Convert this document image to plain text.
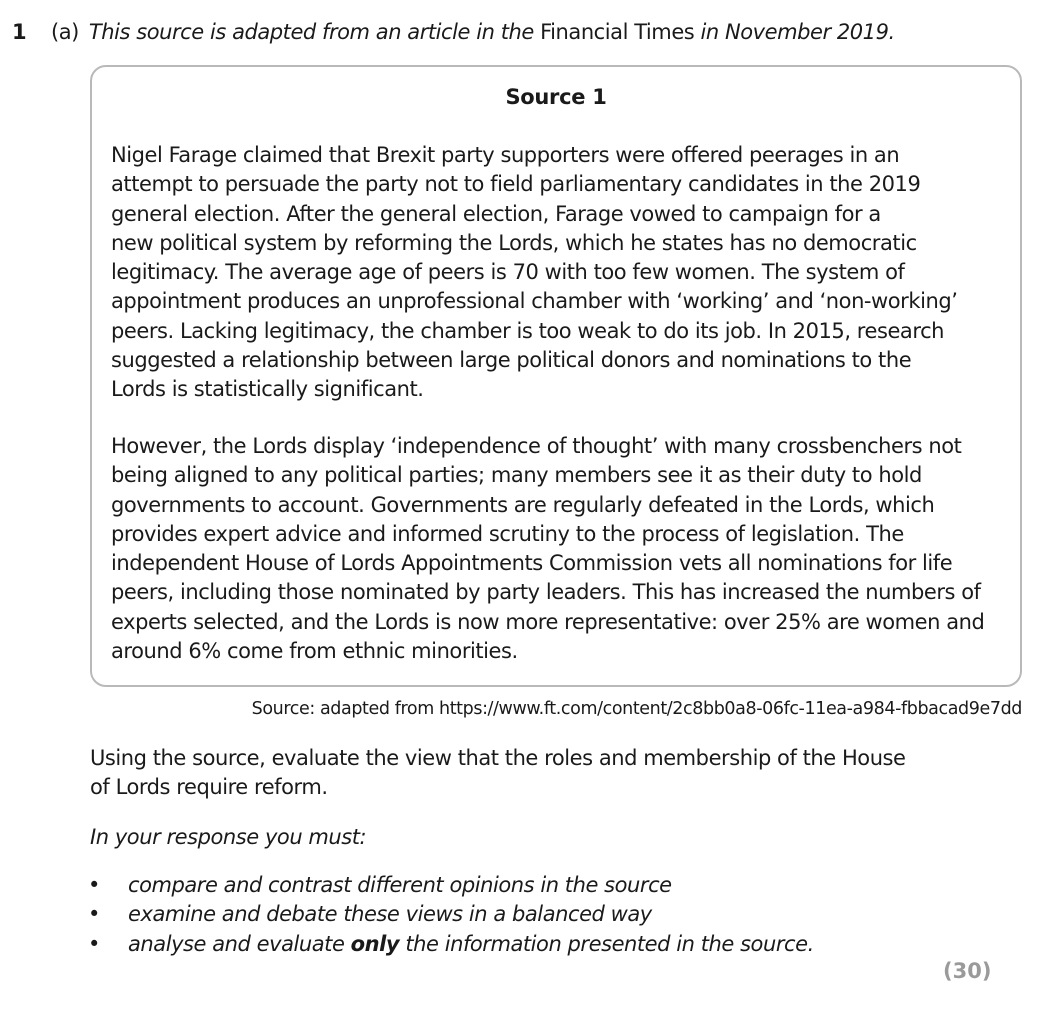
1 (a) This source is adapted from an article in the Financial Times in November 2019.
Source 1
Nigel Farage claimed that Brexit party supporters were offered peerages in an
attempt to persuade the party not to field parliamentary candidates in the 2019
general election. After the general election, Farage vowed to campaign for a
new political system by reforming the Lords, which he states has no democratic
legitimacy. The average age of peers is 70 with too few women. The system of
appointment produces an unprofessional chamber with ‘working’ and ‘non-working’
peers. Lacking legitimacy, the chamber is too weak to do its job. In 2015, research
suggested a relationship between large political donors and nominations to the
Lords is statistically significant.
However, the Lords display ‘independence of thought’ with many crossbenchers not
being aligned to any political parties; many members see it as their duty to hold
governments to account. Governments are regularly defeated in the Lords, which
provides expert advice and informed scrutiny to the process of legislation. The
independent House of Lords Appointments Commission vets all nominations for life
peers, including those nominated by party leaders. This has increased the numbers of
experts selected, and the Lords is now more representative: over 25% are women and
around 6% come from ethnic minorities.
Source: adapted from https://www.ft.com/content/2c8bb0a8-06fc-11ea-a984-fbbacad9e7dd
Using the source, evaluate the view that the roles and membership of the House
of Lords require reform.
In your response you must:
• compare and contrast different opinions in the source
• examine and debate these views in a balanced way
• analyse and evaluate only the information presented in the source.
(30)
